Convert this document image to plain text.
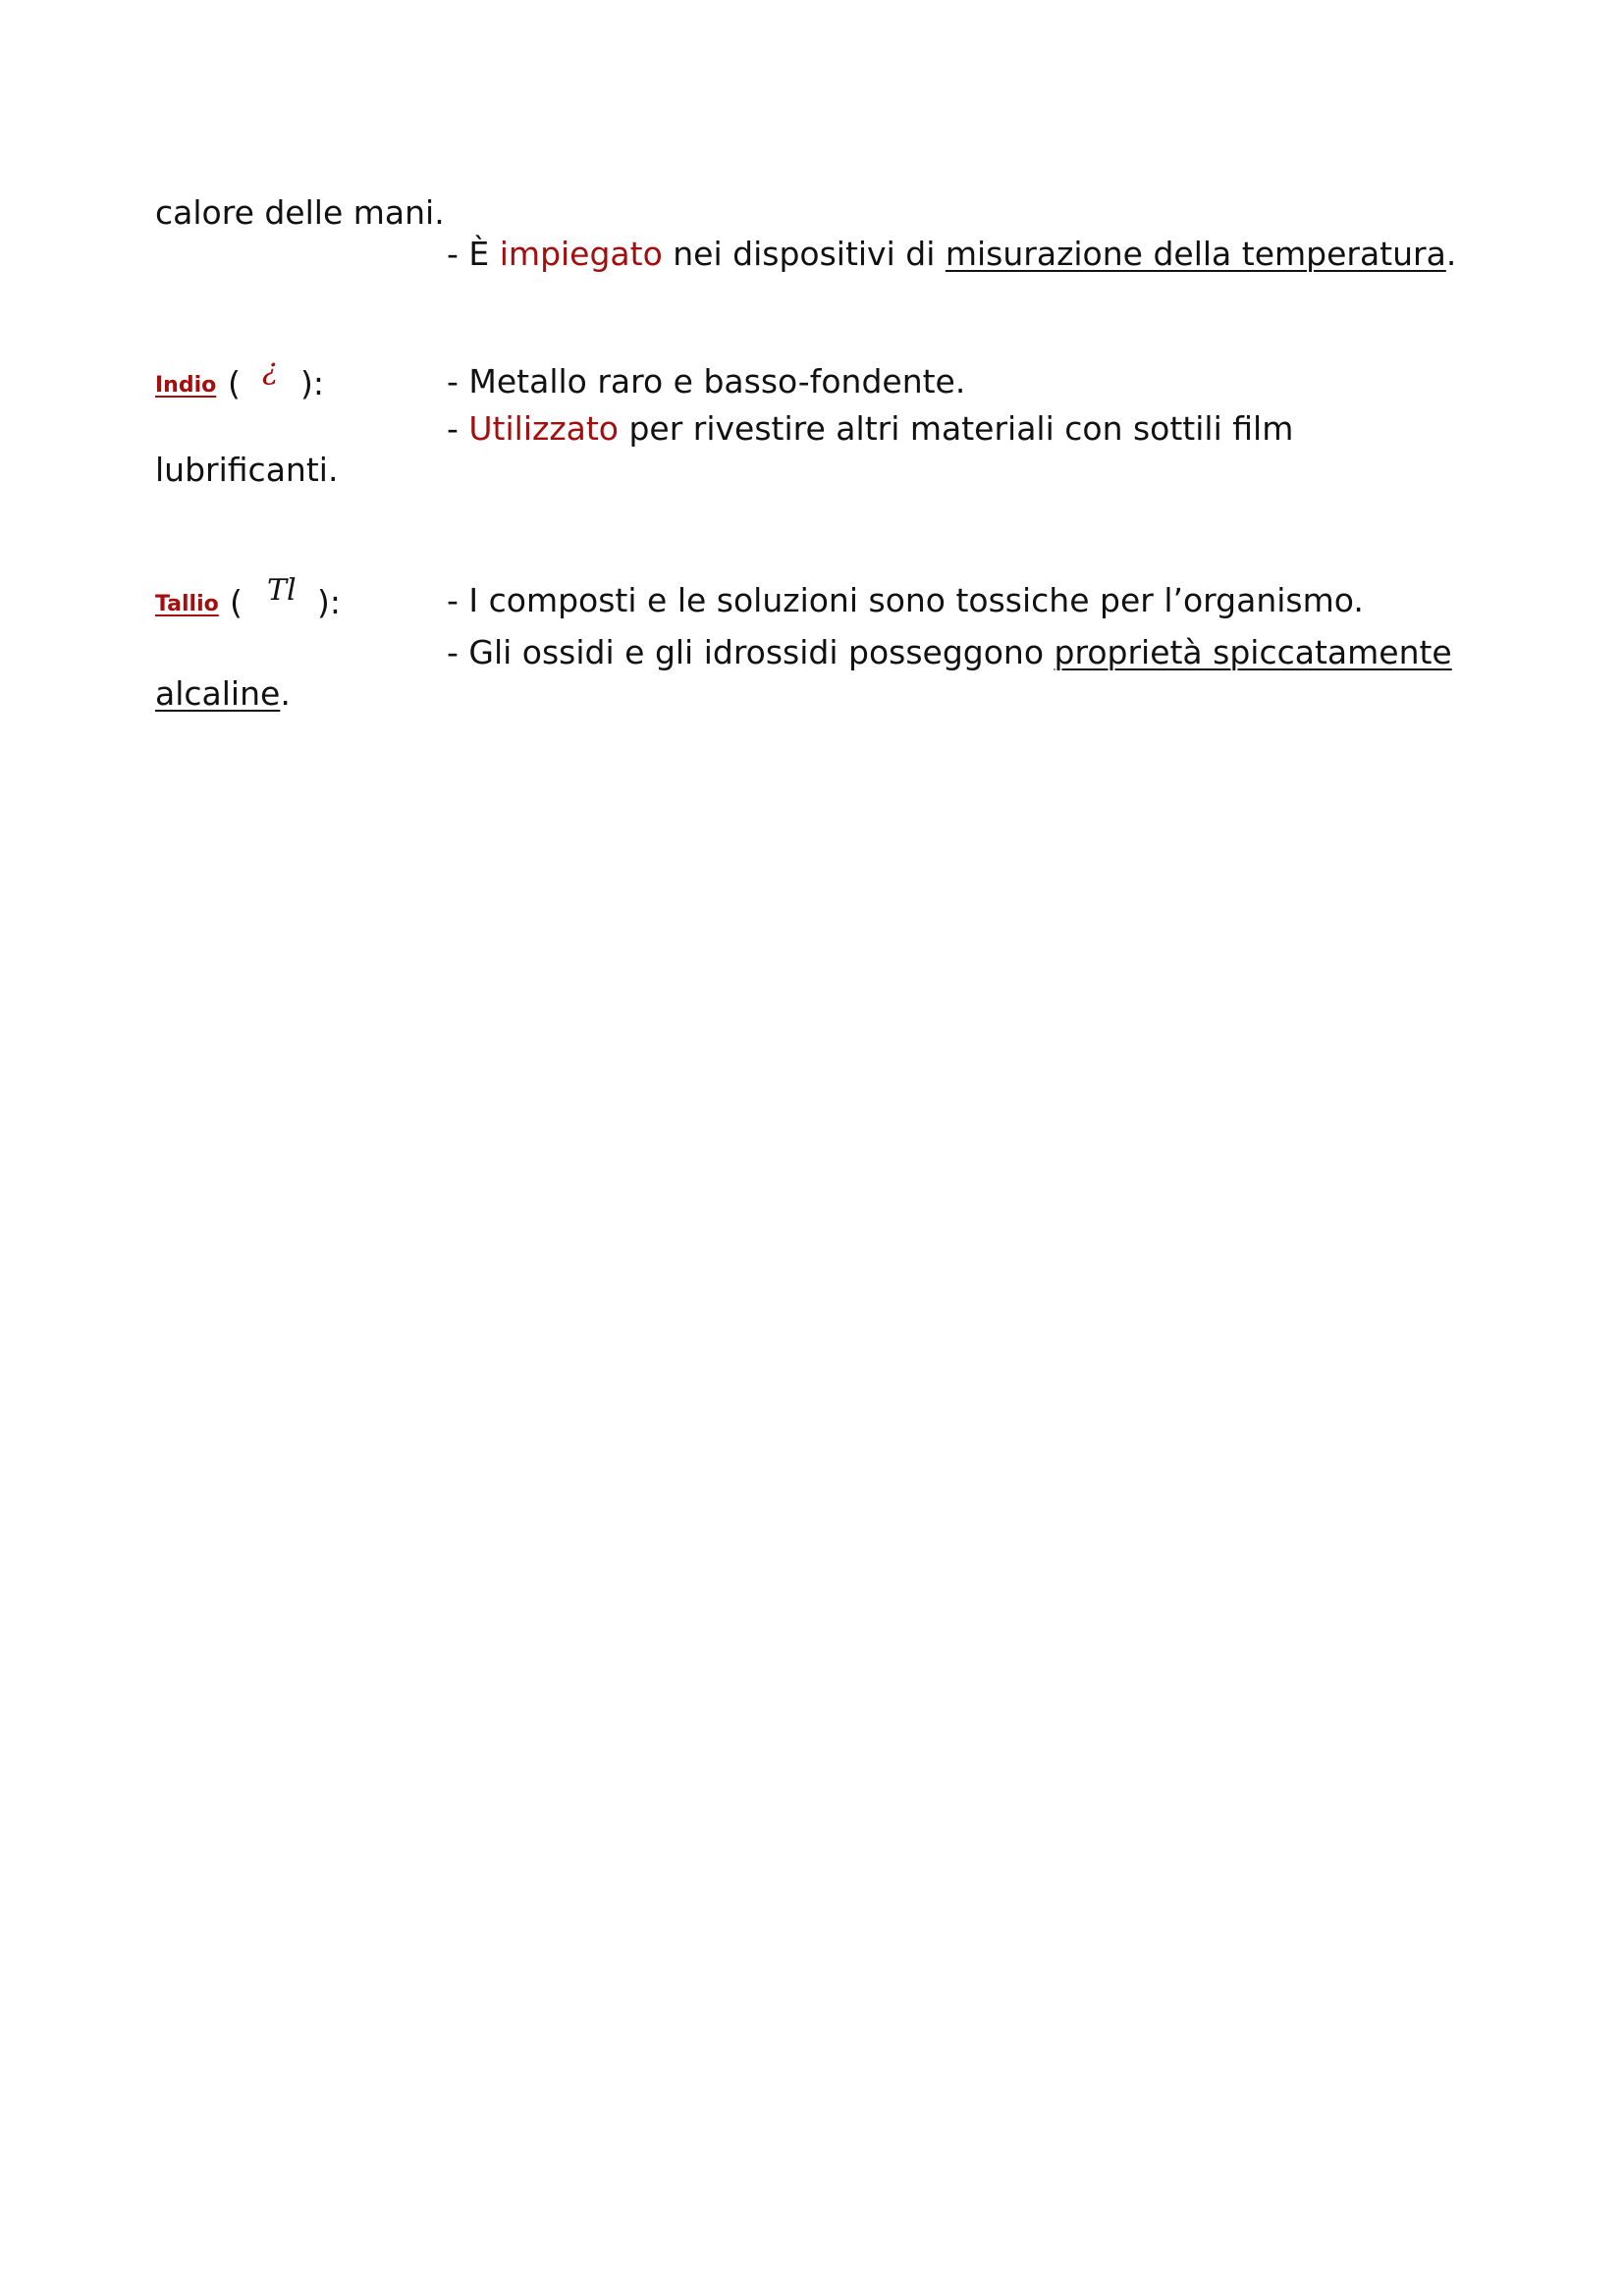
calore delle mani.
- È impiegato nei dispositivi di misurazione della temperatura.
Indio ( ¿ ):	- Metallo raro e basso-fondente.
- Utilizzato per rivestire altri materiali con sottili film
lubrificanti.
Tallio ( Tl ):	- I composti e le soluzioni sono tossiche per l’organismo.
- Gli ossidi e gli idrossidi posseggono proprietà spiccatamente
alcaline.
